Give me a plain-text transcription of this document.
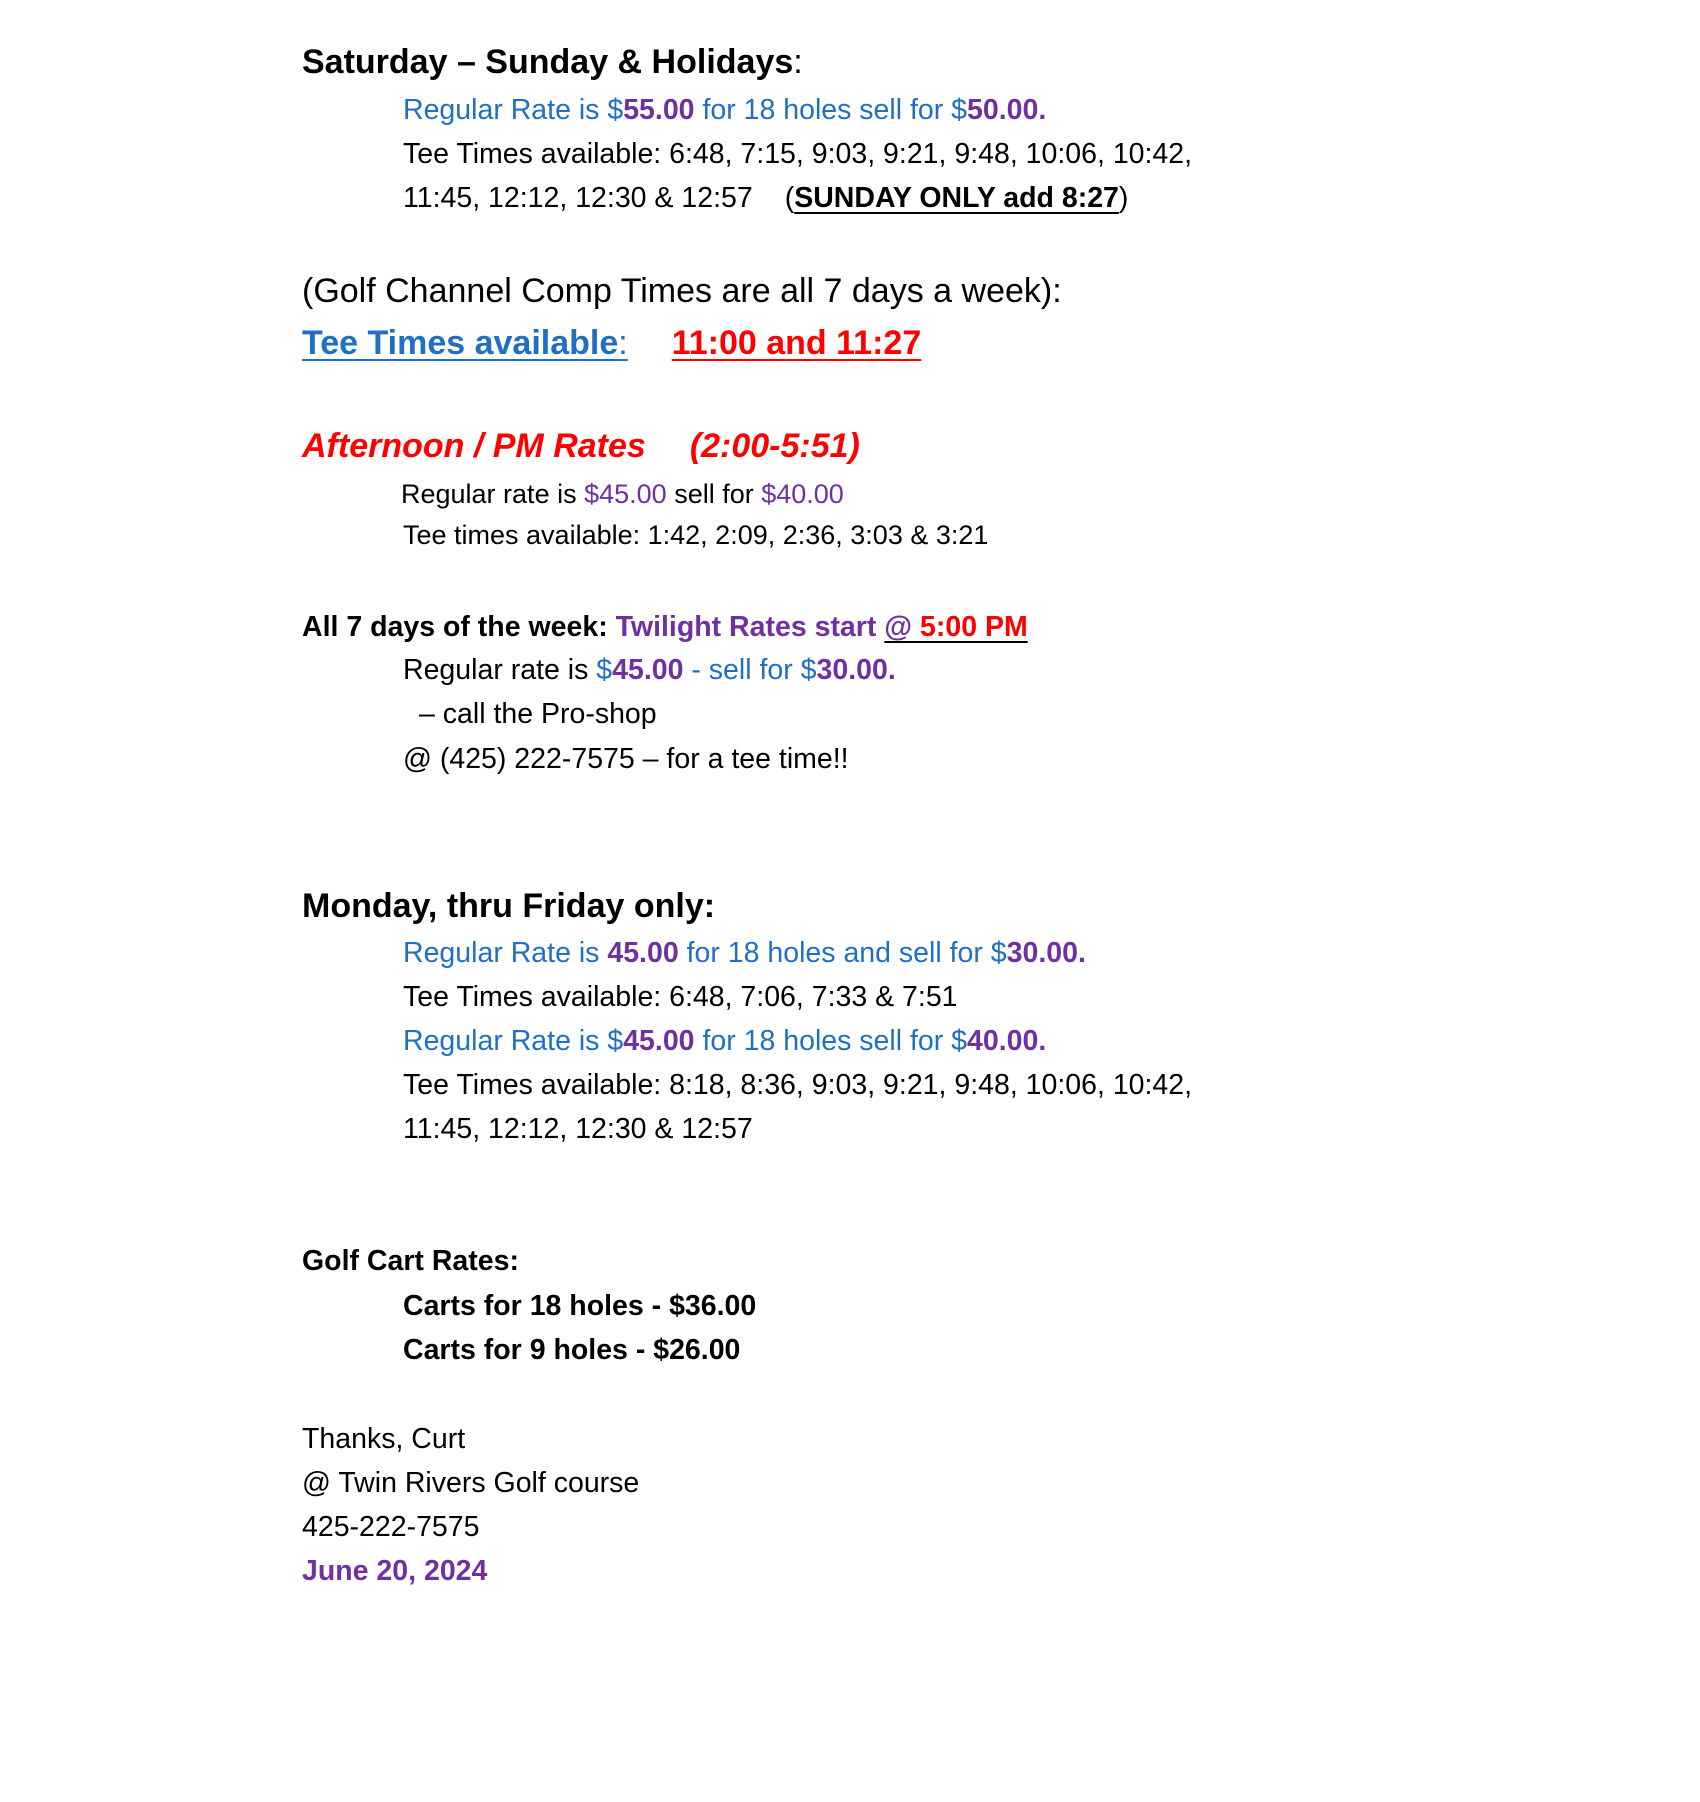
Saturday – Sunday & Holidays:
Regular Rate is $55.00 for 18 holes sell for $50.00.
Tee Times available: 6:48, 7:15, 9:03, 9:21, 9:48, 10:06, 10:42,
11:45, 12:12, 12:30 & 12:57 (SUNDAY ONLY add 8:27)
(Golf Channel Comp Times are all 7 days a week):
Tee Times available: 11:00 and 11:27
Afternoon / PM Rates (2:00-5:51)
Regular rate is $45.00 sell for $40.00
Tee times available: 1:42, 2:09, 2:36, 3:03 & 3:21
All 7 days of the week: Twilight Rates start @ 5:00 PM
Regular rate is $45.00 - sell for $30.00.
– call the Pro-shop
@ (425) 222-7575 – for a tee time!!
Monday, thru Friday only:
Regular Rate is 45.00 for 18 holes and sell for $30.00.
Tee Times available: 6:48, 7:06, 7:33 & 7:51
Regular Rate is $45.00 for 18 holes sell for $40.00.
Tee Times available: 8:18, 8:36, 9:03, 9:21, 9:48, 10:06, 10:42,
11:45, 12:12, 12:30 & 12:57
Golf Cart Rates:
Carts for 18 holes - $36.00
Carts for 9 holes - $26.00
Thanks, Curt
@ Twin Rivers Golf course
425-222-7575
June 20, 2024
